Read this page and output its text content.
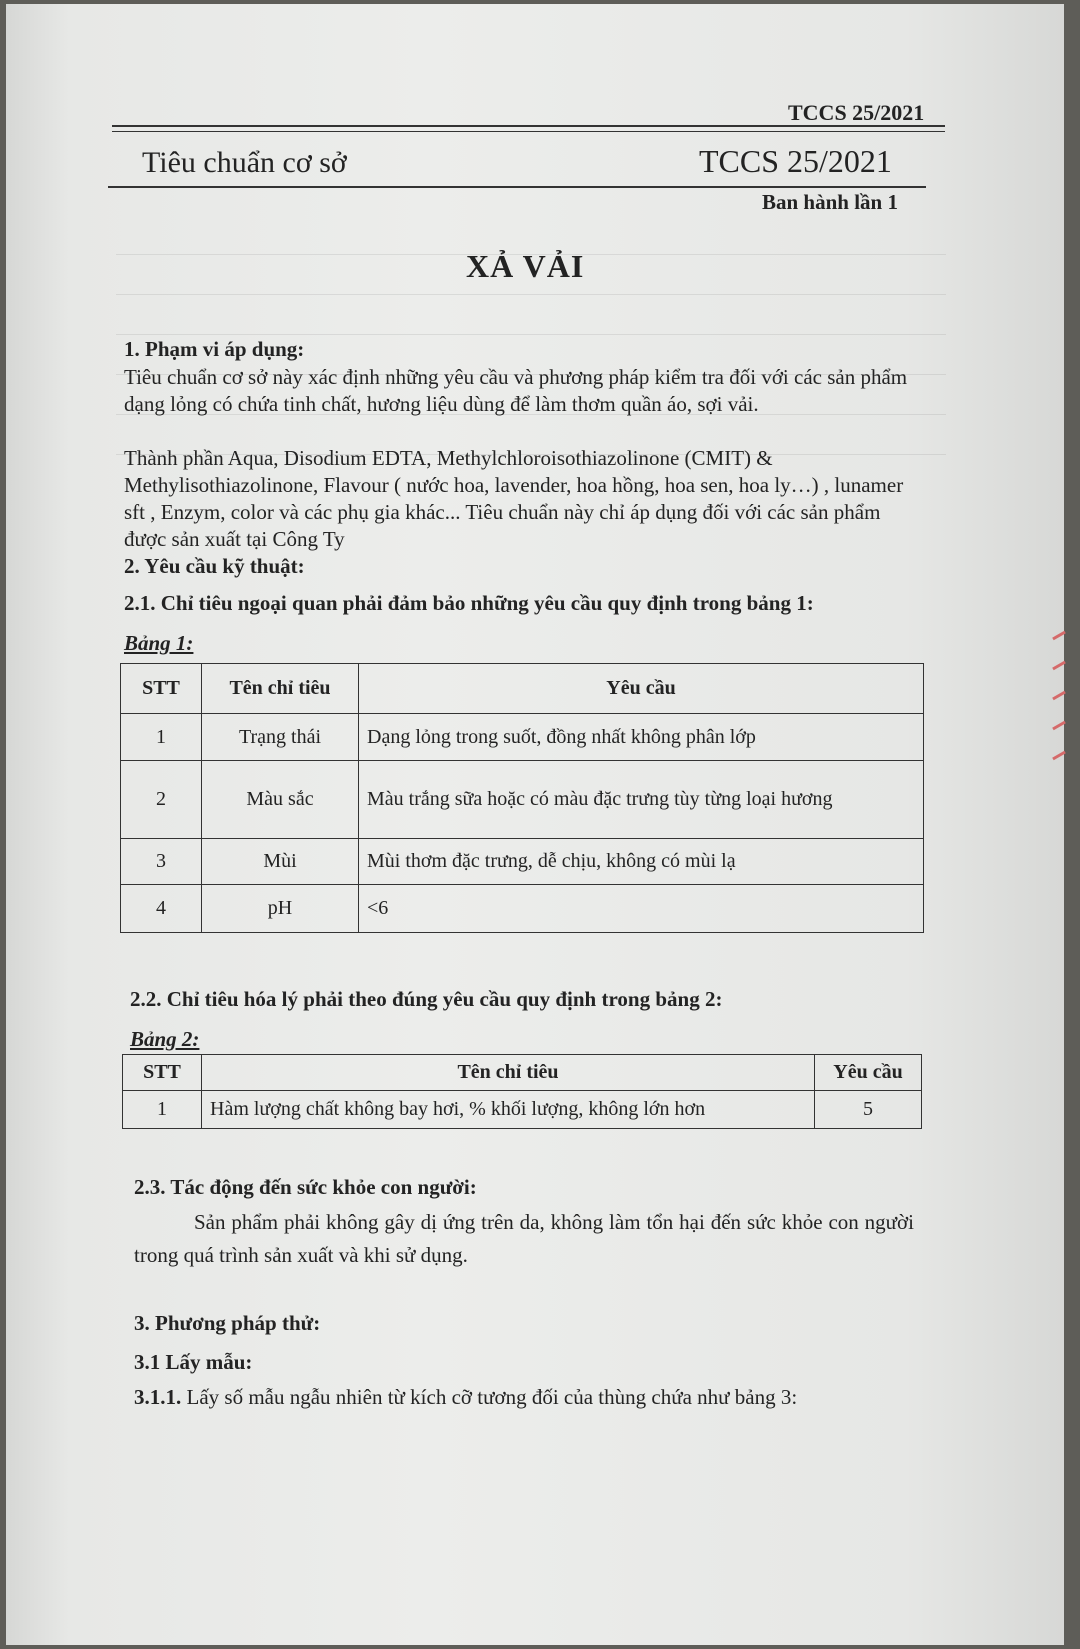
TCCS 25/2021
Tiêu chuẩn cơ sở	TCCS 25/2021
Ban hành lần 1
XẢ VẢI
1. Phạm vi áp dụng:
Tiêu chuẩn cơ sở này xác định những yêu cầu và phương pháp kiểm tra đối với các sản phẩm dạng lỏng có chứa tinh chất, hương liệu dùng để làm thơm quần áo, sợi vải.
Thành phần Aqua, Disodium EDTA, Methylchloroisothiazolinone (CMIT) & Methylisothiazolinone, Flavour ( nước hoa, lavender, hoa hồng, hoa sen, hoa ly…) , lunamer sft , Enzym, color và các phụ gia khác... Tiêu chuẩn này chỉ áp dụng đối với các sản phẩm được sản xuất tại Công Ty
2. Yêu cầu kỹ thuật:
2.1. Chỉ tiêu ngoại quan phải đảm bảo những yêu cầu quy định trong bảng 1:
Bảng 1:
STT	Tên chỉ tiêu	Yêu cầu
1	Trạng thái	Dạng lỏng trong suốt, đồng nhất không phân lớp
2	Màu sắc	Màu trắng sữa hoặc có màu đặc trưng tùy từng loại hương
3	Mùi	Mùi thơm đặc trưng, dễ chịu, không có mùi lạ
4	pH	<6
2.2. Chỉ tiêu hóa lý phải theo đúng yêu cầu quy định trong bảng 2:
Bảng 2:
STT	Tên chỉ tiêu	Yêu cầu
1	Hàm lượng chất không bay hơi, % khối lượng, không lớn hơn	5
2.3. Tác động đến sức khỏe con người:
Sản phẩm phải không gây dị ứng trên da, không làm tổn hại đến sức khỏe con người trong quá trình sản xuất và khi sử dụng.
3. Phương pháp thử:
3.1 Lấy mẫu:
3.1.1. Lấy số mẫu ngẫu nhiên từ kích cỡ tương đối của thùng chứa như bảng 3:
